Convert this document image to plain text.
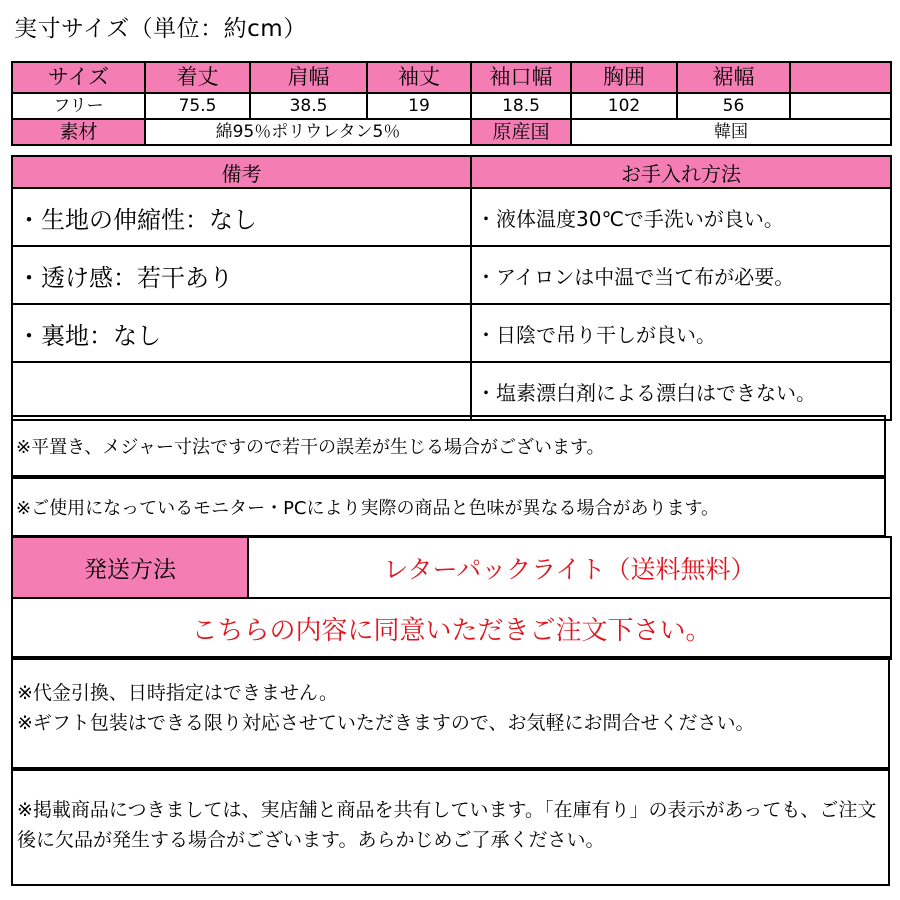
実寸サイズ（単位：約cm）
サイズ	着丈	肩幅	袖丈	袖口幅	胸囲	裾幅	
フリー	75.5	38.5	19	18.5	102	56	
素材	綿95％ポリウレタン5％			原産国	韓国		
備考	お手入れ方法
・生地の伸縮性：なし	・液体温度30℃で手洗いが良い。
・透け感：若干あり	・アイロンは中温で当て布が必要。
・裏地：なし	・日陰で吊り干しが良い。
	・塩素漂白剤による漂白はできない。
※平置き、メジャー寸法ですので若干の誤差が生じる場合がございます。
※ご使用になっているモニター・PCにより実際の商品と色味が異なる場合があります。
発送方法	レターパックライト（送料無料）
こちらの内容に同意いただきご注文下さい。
※代金引換、日時指定はできません。
※ギフト包装はできる限り対応させていただきますので、お気軽にお問合せください。
※掲載商品につきましては、実店舗と商品を共有しています。「在庫有り」の表示があっても、ご注文後に欠品が発生する場合がございます。あらかじめご了承ください。
